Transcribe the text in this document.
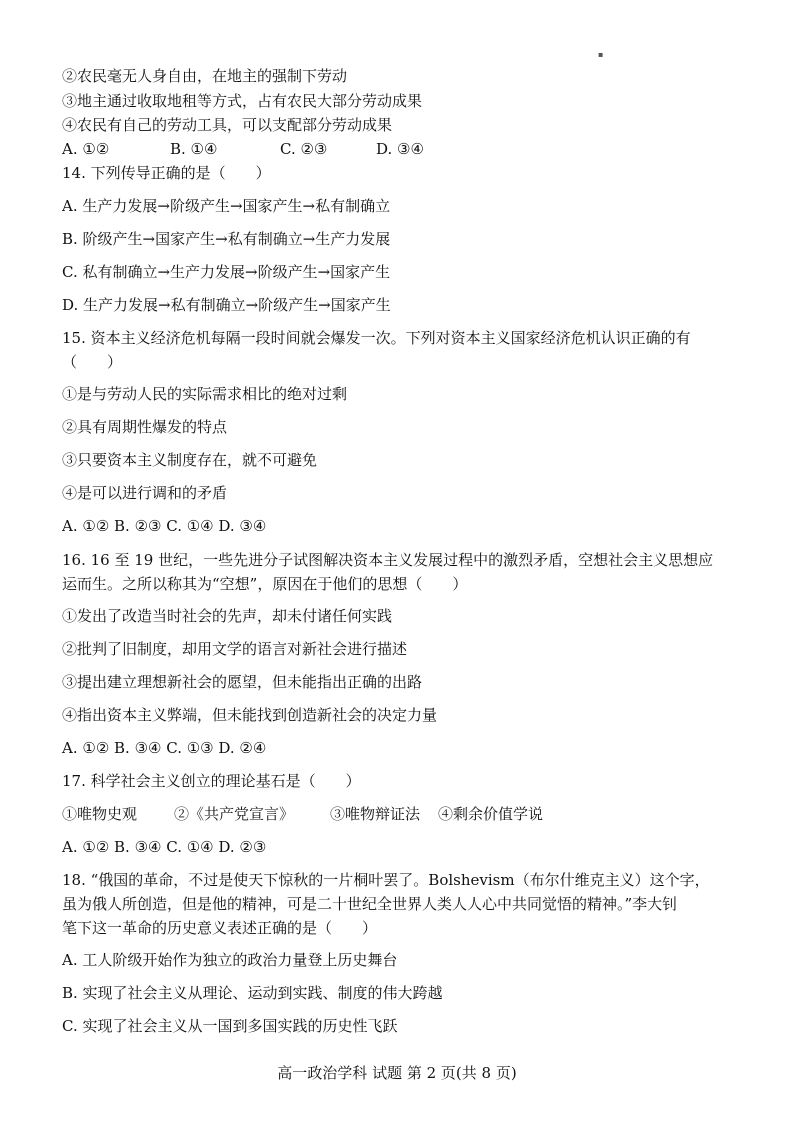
▪
②农民毫无人身自由，在地主的强制下劳动
③地主通过收取地租等方式，占有农民大部分劳动成果
④农民有自己的劳动工具，可以支配部分劳动成果
A. ①②	B. ①④	C. ②③	D. ③④
14. 下列传导正确的是（　　）
A. 生产力发展→阶级产生→国家产生→私有制确立
B. 阶级产生→国家产生→私有制确立→生产力发展
C. 私有制确立→生产力发展→阶级产生→国家产生
D. 生产力发展→私有制确立→阶级产生→国家产生
15. 资本主义经济危机每隔一段时间就会爆发一次。下列对资本主义国家经济危机认识正确的有
（　　）
①是与劳动人民的实际需求相比的绝对过剩
②具有周期性爆发的特点
③只要资本主义制度存在，就不可避免
④是可以进行调和的矛盾
A. ①② B. ②③ C. ①④ D. ③④
16. 16 至 19 世纪，一些先进分子试图解决资本主义发展过程中的激烈矛盾，空想社会主义思想应
运而生。之所以称其为“空想”，原因在于他们的思想（　　）
①发出了改造当时社会的先声，却未付诸任何实践
②批判了旧制度，却用文学的语言对新社会进行描述
③提出建立理想新社会的愿望，但未能指出正确的出路
④指出资本主义弊端，但未能找到创造新社会的决定力量
A. ①② B. ③④ C. ①③ D. ②④
17. 科学社会主义创立的理论基石是（　　）
①唯物史观 ②《共产党宣言》 ③唯物辩证法 ④剩余价值学说
A. ①② B. ③④ C. ①④ D. ②③
18. “俄国的革命，不过是使天下惊秋的一片桐叶罢了。Bolshevism（布尔什维克主义）这个字，
虽为俄人所创造，但是他的精神，可是二十世纪全世界人类人人心中共同觉悟的精神。”李大钊
笔下这一革命的历史意义表述正确的是（　　）
A. 工人阶级开始作为独立的政治力量登上历史舞台
B. 实现了社会主义从理论、运动到实践、制度的伟大跨越
C. 实现了社会主义从一国到多国实践的历史性飞跃
高一政治学科 试题 第 2 页(共 8 页)
